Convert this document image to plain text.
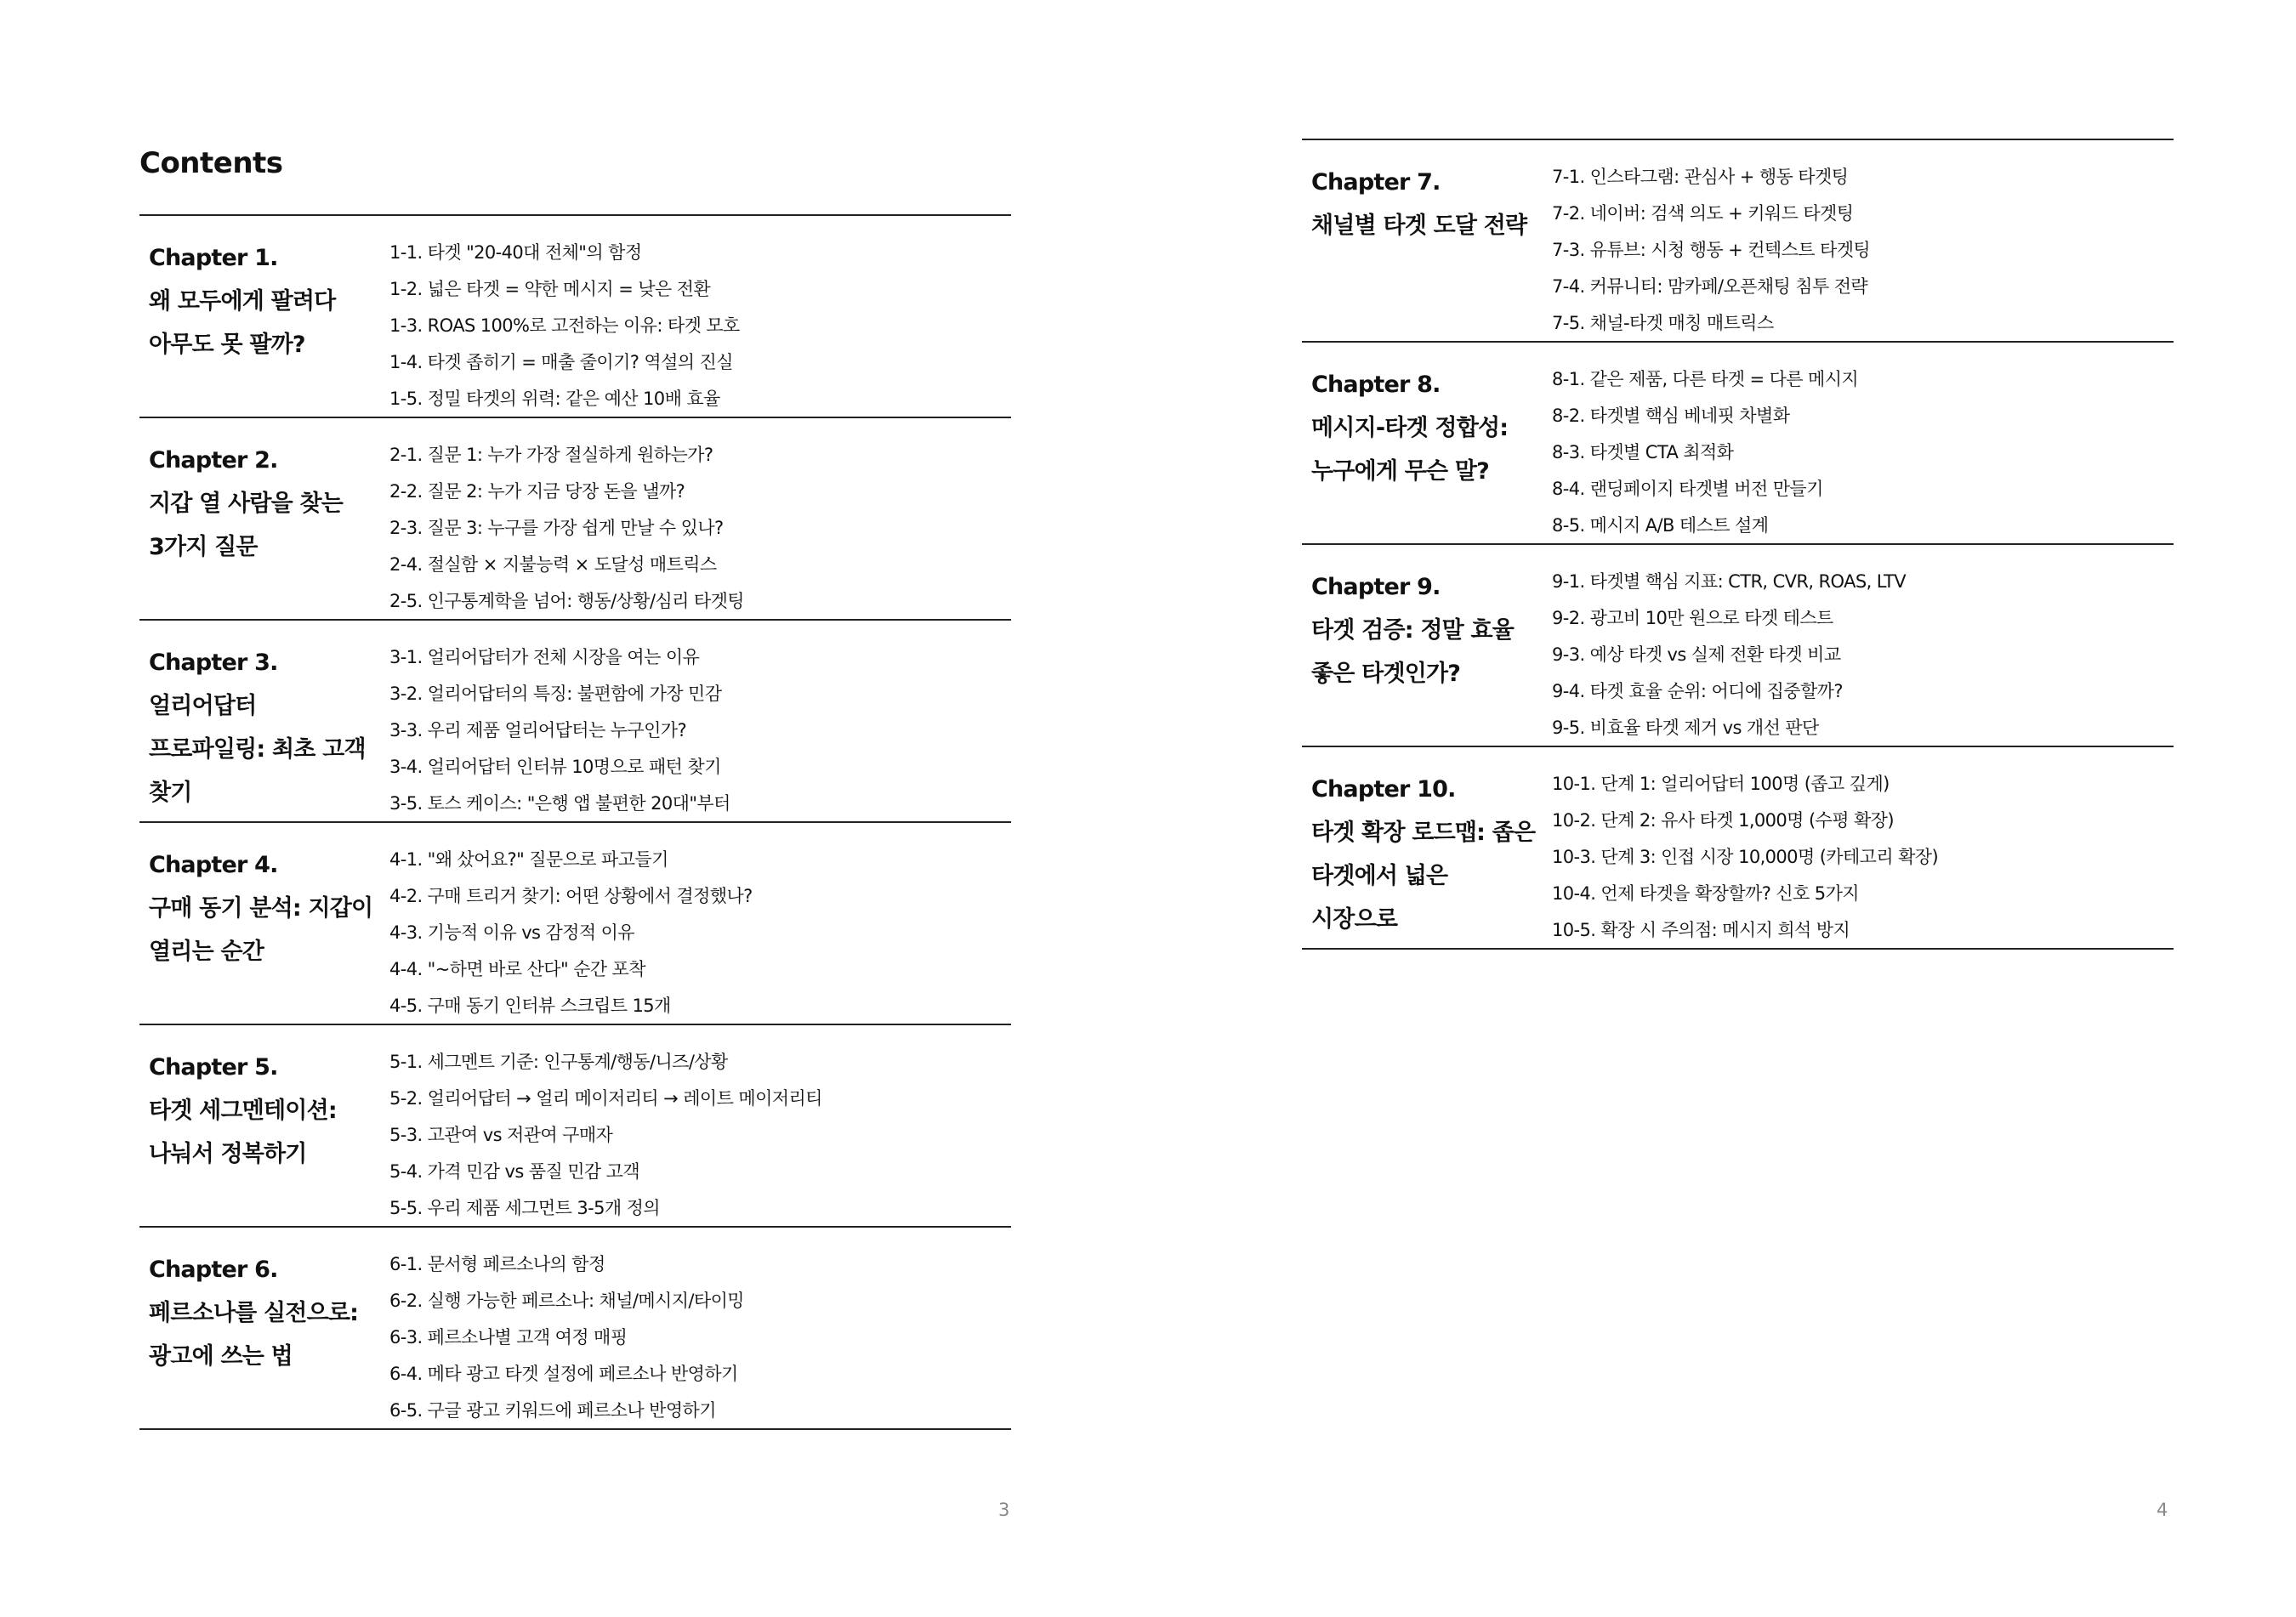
Contents
Chapter 1.
왜 모두에게 팔려다
아무도 못 팔까?
1-1. 타겟 "20-40대 전체"의 함정
1-2. 넓은 타겟 = 약한 메시지 = 낮은 전환
1-3. ROAS 100%로 고전하는 이유: 타겟 모호
1-4. 타겟 좁히기 = 매출 줄이기? 역설의 진실
1-5. 정밀 타겟의 위력: 같은 예산 10배 효율
Chapter 2.
지갑 열 사람을 찾는
3가지 질문
2-1. 질문 1: 누가 가장 절실하게 원하는가?
2-2. 질문 2: 누가 지금 당장 돈을 낼까?
2-3. 질문 3: 누구를 가장 쉽게 만날 수 있나?
2-4. 절실함 × 지불능력 × 도달성 매트릭스
2-5. 인구통계학을 넘어: 행동/상황/심리 타겟팅
Chapter 3.
얼리어답터
프로파일링: 최초 고객
찾기
3-1. 얼리어답터가 전체 시장을 여는 이유
3-2. 얼리어답터의 특징: 불편함에 가장 민감
3-3. 우리 제품 얼리어답터는 누구인가?
3-4. 얼리어답터 인터뷰 10명으로 패턴 찾기
3-5. 토스 케이스: "은행 앱 불편한 20대"부터
Chapter 4.
구매 동기 분석: 지갑이
열리는 순간
4-1. "왜 샀어요?" 질문으로 파고들기
4-2. 구매 트리거 찾기: 어떤 상황에서 결정했나?
4-3. 기능적 이유 vs 감정적 이유
4-4. "~하면 바로 산다" 순간 포착
4-5. 구매 동기 인터뷰 스크립트 15개
Chapter 5.
타겟 세그멘테이션:
나눠서 정복하기
5-1. 세그멘트 기준: 인구통계/행동/니즈/상황
5-2. 얼리어답터 → 얼리 메이저리티 → 레이트 메이저리티
5-3. 고관여 vs 저관여 구매자
5-4. 가격 민감 vs 품질 민감 고객
5-5. 우리 제품 세그먼트 3-5개 정의
Chapter 6.
페르소나를 실전으로:
광고에 쓰는 법
6-1. 문서형 페르소나의 함정
6-2. 실행 가능한 페르소나: 채널/메시지/타이밍
6-3. 페르소나별 고객 여정 매핑
6-4. 메타 광고 타겟 설정에 페르소나 반영하기
6-5. 구글 광고 키워드에 페르소나 반영하기
3
Chapter 7.
채널별 타겟 도달 전략
7-1. 인스타그램: 관심사 + 행동 타겟팅
7-2. 네이버: 검색 의도 + 키워드 타겟팅
7-3. 유튜브: 시청 행동 + 컨텍스트 타겟팅
7-4. 커뮤니티: 맘카페/오픈채팅 침투 전략
7-5. 채널-타겟 매칭 매트릭스
Chapter 8.
메시지-타겟 정합성:
누구에게 무슨 말?
8-1. 같은 제품, 다른 타겟 = 다른 메시지
8-2. 타겟별 핵심 베네핏 차별화
8-3. 타겟별 CTA 최적화
8-4. 랜딩페이지 타겟별 버전 만들기
8-5. 메시지 A/B 테스트 설계
Chapter 9.
타겟 검증: 정말 효율
좋은 타겟인가?
9-1. 타겟별 핵심 지표: CTR, CVR, ROAS, LTV
9-2. 광고비 10만 원으로 타겟 테스트
9-3. 예상 타겟 vs 실제 전환 타겟 비교
9-4. 타겟 효율 순위: 어디에 집중할까?
9-5. 비효율 타겟 제거 vs 개선 판단
Chapter 10.
타겟 확장 로드맵: 좁은
타겟에서 넓은
시장으로
10-1. 단계 1: 얼리어답터 100명 (좁고 깊게)
10-2. 단계 2: 유사 타겟 1,000명 (수평 확장)
10-3. 단계 3: 인접 시장 10,000명 (카테고리 확장)
10-4. 언제 타겟을 확장할까? 신호 5가지
10-5. 확장 시 주의점: 메시지 희석 방지
4
